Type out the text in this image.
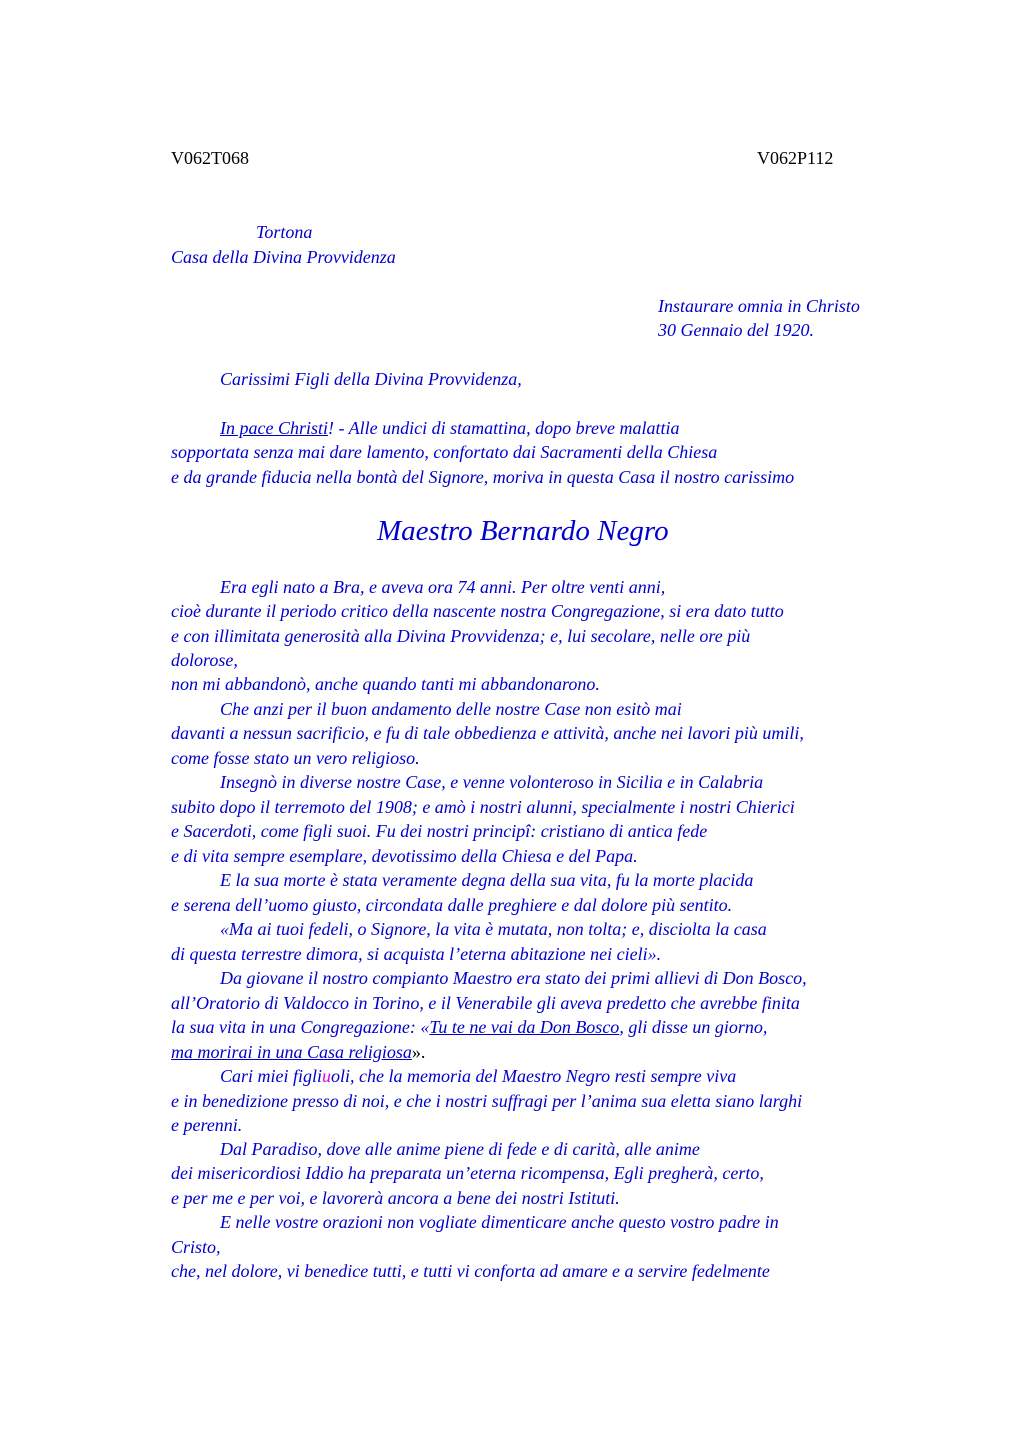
V062T068	V062P112
Tortona
Casa della Divina Provvidenza
Instaurare omnia in Christo
30 Gennaio del 1920.
Carissimi Figli della Divina Provvidenza,
In pace Christi! - Alle undici di stamattina, dopo breve malattia
sopportata senza mai dare lamento, confortato dai Sacramenti della Chiesa
e da grande fiducia nella bontà del Signore, moriva in questa Casa il nostro carissimo
Maestro Bernardo Negro
Era egli nato a Bra, e aveva ora 74 anni. Per oltre venti anni,
cioè durante il periodo critico della nascente nostra Congregazione, si era dato tutto
e con illimitata generosità alla Divina Provvidenza; e, lui secolare, nelle ore più
dolorose,
non mi abbandonò, anche quando tanti mi abbandonarono.
Che anzi per il buon andamento delle nostre Case non esitò mai
davanti a nessun sacrificio, e fu di tale obbedienza e attività, anche nei lavori più umili,
come fosse stato un vero religioso.
Insegnò in diverse nostre Case, e venne volonteroso in Sicilia e in Calabria
subito dopo il terremoto del 1908; e amò i nostri alunni, specialmente i nostri Chierici
e Sacerdoti, come figli suoi. Fu dei nostri principî: cristiano di antica fede
e di vita sempre esemplare, devotissimo della Chiesa e del Papa.
E la sua morte è stata veramente degna della sua vita, fu la morte placida
e serena dell’uomo giusto, circondata dalle preghiere e dal dolore più sentito.
«Ma ai tuoi fedeli, o Signore, la vita è mutata, non tolta; e, disciolta la casa
di questa terrestre dimora, si acquista l’eterna abitazione nei cieli».
Da giovane il nostro compianto Maestro era stato dei primi allievi di Don Bosco,
all’Oratorio di Valdocco in Torino, e il Venerabile gli aveva predetto che avrebbe finita
la sua vita in una Congregazione: «Tu te ne vai da Don Bosco, gli disse un giorno,
ma morirai in una Casa religiosa».
Cari miei figliuoli, che la memoria del Maestro Negro resti sempre viva
e in benedizione presso di noi, e che i nostri suffragi per l’anima sua eletta siano larghi
e perenni.
Dal Paradiso, dove alle anime piene di fede e di carità, alle anime
dei misericordiosi Iddio ha preparata un’eterna ricompensa, Egli pregherà, certo,
e per me e per voi, e lavorerà ancora a bene dei nostri Istituti.
E nelle vostre orazioni non vogliate dimenticare anche questo vostro padre in
Cristo,
che, nel dolore, vi benedice tutti, e tutti vi conforta ad amare e a servire fedelmente
